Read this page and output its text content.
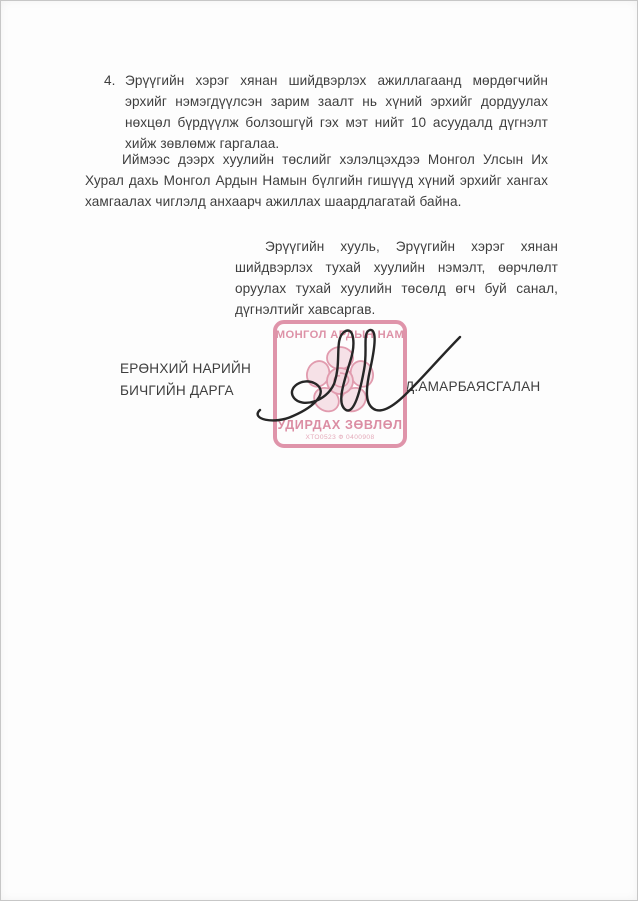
4. Эрүүгийн хэрэг хянан шийдвэрлэх ажиллагаанд мөрдөгчийн эрхийг нэмэгдүүлсэн зарим заалт нь хүний эрхийг дордуулах нөхцөл бүрдүүлж болзошгүй гэх мэт нийт 10 асуудалд дүгнэлт хийж зөвлөмж гаргалаа.
Иймээс дээрх хуулийн төслийг хэлэлцэхдээ Монгол Улсын Их Хурал дахь Монгол Ардын Намын бүлгийн гишүүд хүний эрхийг хангах хамгаалах чиглэлд анхаарч ажиллах шаардлагатай байна.
Эрүүгийн хууль, Эрүүгийн хэрэг хянан шийдвэрлэх тухай хуулийн нэмэлт, өөрчлөлт оруулах тухай хуулийн төсөлд өгч буй санал, дүгнэлтийг хавсаргав.
МОНГОЛ АРДЫН НАМ
УДИРДАХ ЗӨВЛӨЛ
ХТО0523 Ф 0400908
ЕРӨНХИЙ НАРИЙН
БИЧГИЙН ДАРГА	Д.АМАРБАЯСГАЛАН
